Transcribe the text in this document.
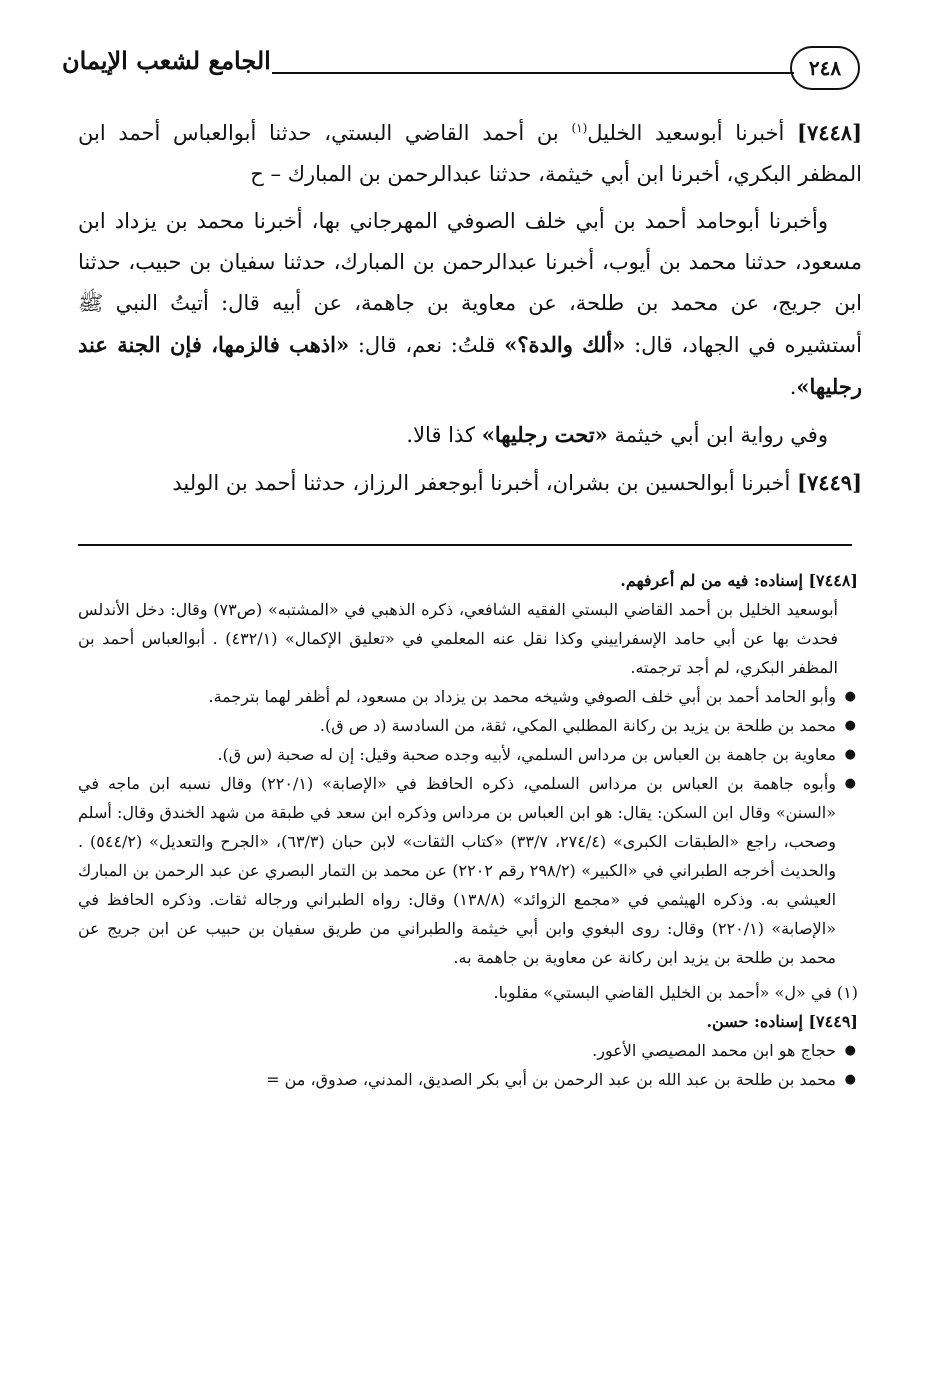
الجامع لشعب الإيمان	٢٤٨

[٧٤٤٨] أخبرنا أبوسعيد الخليل$^{(١)}$ بن أحمد القاضي البستي، حدثنا أبوالعباس أحمد ابن المظفر البكري، أخبرنا ابن أبي خيثمة، حدثنا عبدالرحمن بن المبارك – ح

وأخبرنا أبوحامد أحمد بن أبي خلف الصوفي المهرجاني بها، أخبرنا محمد بن يزداد ابن مسعود، حدثنا محمد بن أيوب، أخبرنا عبدالرحمن بن المبارك، حدثنا سفيان بن حبيب، حدثنا ابن جريج، عن محمد بن طلحة، عن معاوية بن جاهمة، عن أبيه قال: أتيتُ النبي ﷺ أستشيره في الجهاد، قال: «ألك والدة؟» قلتُ: نعم، قال: «اذهب فالزمها، فإن الجنة عند رجليها».

وفي رواية ابن أبي خيثمة «تحت رجليها» كذا قالا.

[٧٤٤٩] أخبرنا أبوالحسين بن بشران، أخبرنا أبوجعفر الرزاز، حدثنا أحمد بن الوليد

[٧٤٤٨] إسناده: فيه من لم أعرفهم.

أبوسعيد الخليل بن أحمد القاضي البستي الفقيه الشافعي، ذكره الذهبي في «المشتبه» (ص٧٣) وقال: دخل الأندلس فحدث بها عن أبي حامد الإسفراييني وكذا نقل عنه المعلمي في «تعليق الإكمال» (٤٣٢/١) . أبوالعباس أحمد بن المظفر البكري، لم أجد ترجمته.

● وأبو الحامد أحمد بن أبي خلف الصوفي وشيخه محمد بن يزداد بن مسعود، لم أظفر لهما بترجمة.
● محمد بن طلحة بن يزيد بن ركانة المطلبي المكي، ثقة، من السادسة (د ص ق).
● معاوية بن جاهمة بن العباس بن مرداس السلمي، لأبيه وجده صحبة وقيل: إن له صحبة (س ق).
● وأبوه جاهمة بن العباس بن مرداس السلمي، ذكره الحافظ في «الإصابة» (٢٢٠/١) وقال نسبه ابن ماجه في «السنن» وقال ابن السكن: يقال: هو ابن العباس بن مرداس وذكره ابن سعد في طبقة من شهد الخندق وقال: أسلم وصحب، راجع «الطبقات الكبرى» (٢٧٤/٤، ٣٣/٧) «كتاب الثقات» لابن حبان (٦٣/٣)، «الجرح والتعديل» (٥٤٤/٢) . والحديث أخرجه الطبراني في «الكبير» (٢٩٨/٢ رقم ٢٢٠٢) عن محمد بن التمار البصري عن عبد الرحمن بن المبارك العيشي به. وذكره الهيثمي في «مجمع الزوائد» (١٣٨/٨) وقال: رواه الطبراني ورجاله ثقات. وذكره الحافظ في «الإصابة» (٢٢٠/١) وقال: روى البغوي وابن أبي خيثمة والطبراني من طريق سفيان بن حبيب عن ابن جريج عن محمد بن طلحة بن يزيد ابن ركانة عن معاوية بن جاهمة به.

(١) في «ل» «أحمد بن الخليل القاضي البستي» مقلوبا.

[٧٤٤٩] إسناده: حسن.

● حجاج هو ابن محمد المصيصي الأعور.
● محمد بن طلحة بن عبد الله بن عبد الرحمن بن أبي بكر الصديق، المدني، صدوق، من =
